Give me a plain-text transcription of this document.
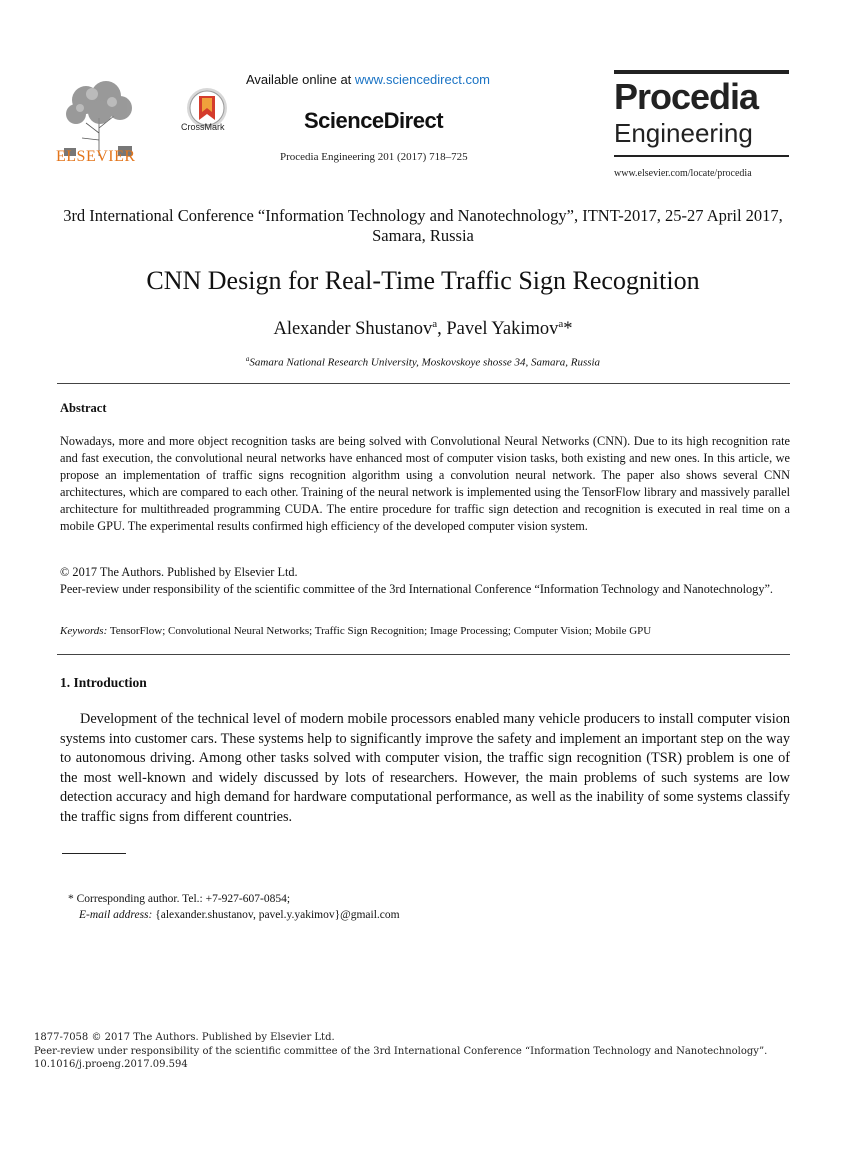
ELSEVIER
CrossMark
Available online at www.sciencedirect.com
ScienceDirect
Procedia Engineering 201 (2017) 718–725
Procedia
Engineering
www.elsevier.com/locate/procedia
3rd International Conference “Information Technology and Nanotechnology”, ITNT-2017, 25-27 April 2017, Samara, Russia
CNN Design for Real-Time Traffic Sign Recognition
Alexander Shustanov$^a$, Pavel Yakimov$^a$*
$^a$Samara National Research University, Moskovskoye shosse 34, Samara, Russia
Abstract
Nowadays, more and more object recognition tasks are being solved with Convolutional Neural Networks (CNN). Due to its high recognition rate and fast execution, the convolutional neural networks have enhanced most of computer vision tasks, both existing and new ones. In this article, we propose an implementation of traffic signs recognition algorithm using a convolution neural network. The paper also shows several CNN architectures, which are compared to each other. Training of the neural network is implemented using the TensorFlow library and massively parallel architecture for multithreaded programming CUDA. The entire procedure for traffic sign detection and recognition is executed in real time on a mobile GPU. The experimental results confirmed high efficiency of the developed computer vision system.
© 2017 The Authors. Published by Elsevier Ltd.
Peer-review under responsibility of the scientific committee of the 3rd International Conference “Information Technology and Nanotechnology”.
Keywords: TensorFlow; Convolutional Neural Networks; Traffic Sign Recognition; Image Processing; Computer Vision; Mobile GPU
1. Introduction
Development of the technical level of modern mobile processors enabled many vehicle producers to install computer vision systems into customer cars. These systems help to significantly improve the safety and implement an important step on the way to autonomous driving. Among other tasks solved with computer vision, the traffic sign recognition (TSR) problem is one of the most well-known and widely discussed by lots of researchers. However, the main problems of such systems are low detection accuracy and high demand for hardware computational performance, as well as the inability of some systems classify the traffic signs from different countries.
* Corresponding author. Tel.: +7-927-607-0854;
E-mail address: {alexander.shustanov, pavel.y.yakimov}@gmail.com
1877-7058 © 2017 The Authors. Published by Elsevier Ltd.
Peer-review under responsibility of the scientific committee of the 3rd International Conference “Information Technology and Nanotechnology”.
10.1016/j.proeng.2017.09.594
